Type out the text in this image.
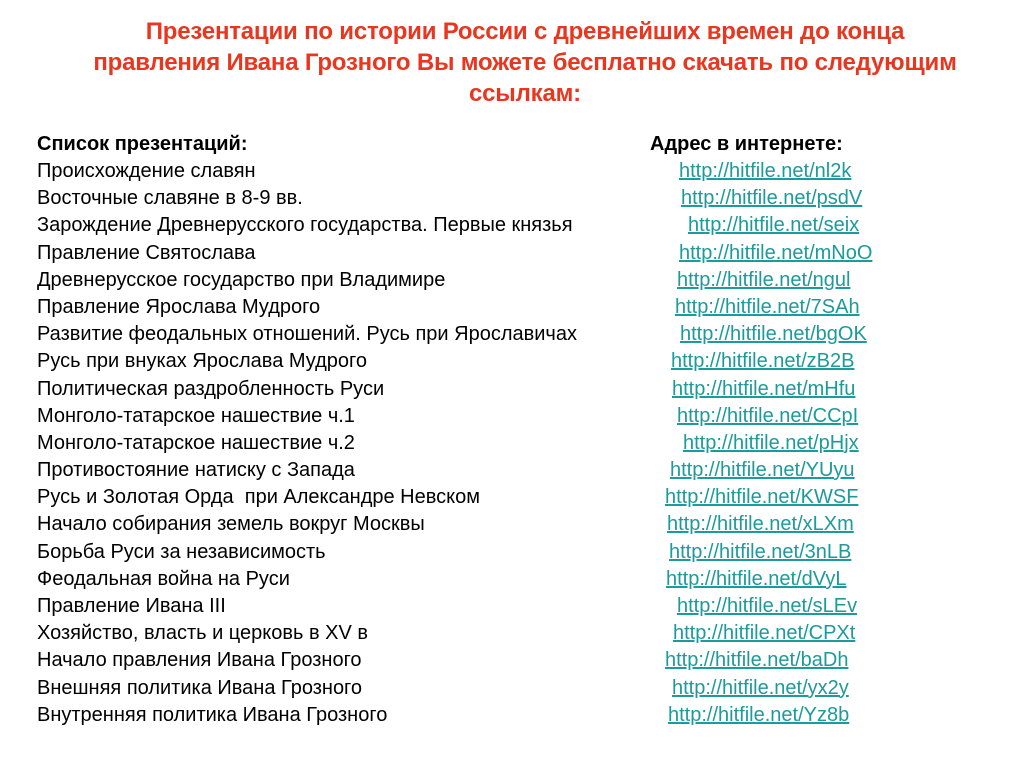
Презентации по истории России с древнейших времен до конца правления Ивана Грозного Вы можете бесплатно скачать по следующим ссылкам:
Список презентаций:	Адрес в интернете:
Происхождение славян	http://hitfile.net/nl2k
Восточные славяне в 8-9 вв.	http://hitfile.net/psdV
Зарождение Древнерусского государства. Первые князья	http://hitfile.net/seix
Правление Святослава	http://hitfile.net/mNoO
Древнерусское государство при Владимире	http://hitfile.net/ngul
Правление Ярослава Мудрого	http://hitfile.net/7SAh
Развитие феодальных отношений. Русь при Ярославичах	http://hitfile.net/bgOK
Русь при внуках Ярослава Мудрого	http://hitfile.net/zB2B
Политическая раздробленность Руси	http://hitfile.net/mHfu
Монголо-татарское нашествие ч.1	http://hitfile.net/CCpI
Монголо-татарское нашествие ч.2	http://hitfile.net/pHjx
Противостояние натиску с Запада	http://hitfile.net/YUyu
Русь и Золотая Орда  при Александре Невском	http://hitfile.net/KWSF
Начало собирания земель вокруг Москвы	http://hitfile.net/xLXm
Борьба Руси за независимость	http://hitfile.net/3nLB
Феодальная война на Руси	http://hitfile.net/dVyL
Правление Ивана III	http://hitfile.net/sLEv
Хозяйство, власть и церковь в XV в	http://hitfile.net/CPXt
Начало правления Ивана Грозного	http://hitfile.net/baDh
Внешняя политика Ивана Грозного	http://hitfile.net/yx2y
Внутренняя политика Ивана Грозного	http://hitfile.net/Yz8b
